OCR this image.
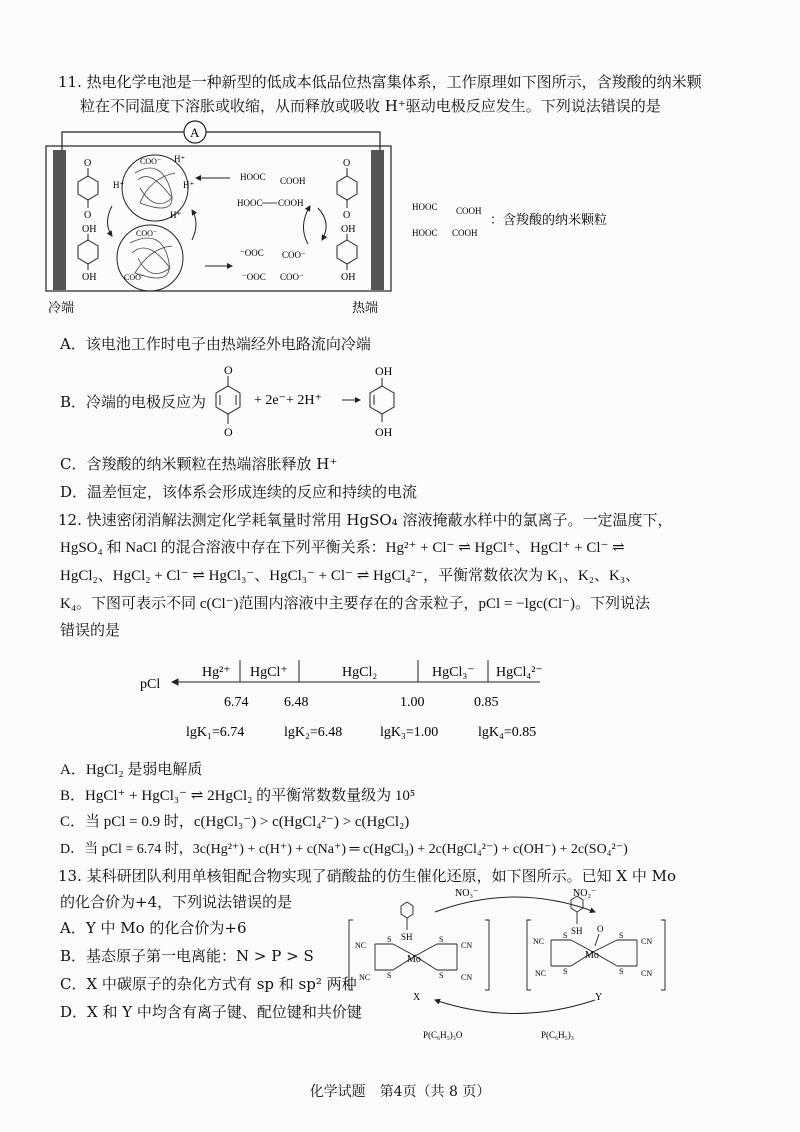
11. 热电化学电池是一种新型的低成本低品位热富集体系，工作原理如下图所示，含羧酸的纳米颗
粒在不同温度下溶胀或收缩，从而释放或吸收 H⁺驱动电极反应发生。下列说法错误的是
A
O
O
OH
OH
COO⁻ H⁺
H⁺
H⁺
H⁺
COO⁻
COO⁻
HOOC COOH
HOOC COOH
⁻OOC COO⁻
⁻OOC COO⁻
O
O
OH
OH
冷端	热端
HOOC COOH
HOOC COOH
：含羧酸的纳米颗粒
A．该电池工作时电子由热端经外电路流向冷端
B．冷端的电极反应为
O
O
+ 2e⁻+ 2H⁺
OH
OH
C．含羧酸的纳米颗粒在热端溶胀释放 H⁺
D．温差恒定，该体系会形成连续的反应和持续的电流
12. 快速密闭消解法测定化学耗氧量时常用 HgSO₄ 溶液掩蔽水样中的氯离子。一定温度下，
HgSO₄ 和 NaCl 的混合溶液中存在下列平衡关系：Hg²⁺ + Cl⁻ ⇌ HgCl⁺、HgCl⁺ + Cl⁻ ⇌
HgCl₂、HgCl₂ + Cl⁻ ⇌ HgCl₃⁻、HgCl₃⁻ + Cl⁻ ⇌ HgCl₄²⁻，平衡常数依次为 K₁、K₂、K₃、
K₄。下图可表示不同 c(Cl⁻)范围内溶液中主要存在的含汞粒子，pCl = −lgc(Cl⁻)。下列说法
错误的是
pCl
Hg²⁺ HgCl⁺	HgCl₂	HgCl₃⁻ HgCl₄²⁻
6.74	6.48	1.00	0.85
lgK₁=6.74	lgK₂=6.48	lgK₃=1.00	lgK₄=0.85
A．HgCl₂ 是弱电解质
B．HgCl⁺ + HgCl₃⁻ ⇌ 2HgCl₂ 的平衡常数数量级为 10⁵
C．当 pCl = 0.9 时，c(HgCl₃⁻) > c(HgCl₄²⁻) > c(HgCl₂)
D．当 pCl = 6.74 时，3c(Hg²⁺) + c(H⁺) + c(Na⁺) ═ c(HgCl₃) + 2c(HgCl₄²⁻) + c(OH⁻) + 2c(SO₄²⁻)
13. 某科研团队利用单核钼配合物实现了硝酸盐的仿生催化还原，如下图所示。已知 X 中 Mo
的化合价为+4，下列说法错误的是
A．Y 中 Mo 的化合价为+6
B．基态原子第一电离能：N > P > S
C．X 中碳原子的杂化方式有 sp 和 sp² 两种
D．X 和 Y 中均含有离子键、配位键和共价键
NO₃⁻	NO₂⁻
SH
Mo
S
S
S
S
NC
NC
CN
CN
X
SH
Mo
O
S
S
S
S
NC
NC
CN
CN
Y
P(C₆H₅)₃O	P(C₆H₅)₃
化学试题　第4页（共 8 页）
